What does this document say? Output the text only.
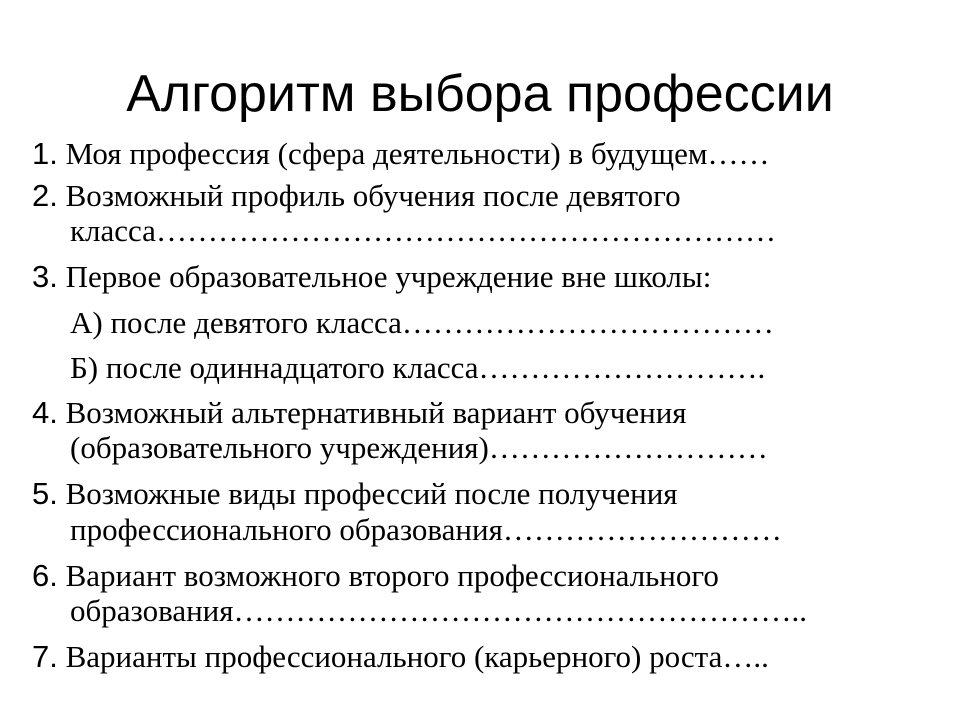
Алгоритм выбора профессии
1. Моя профессия (сфера деятельности) в будущем……
2. Возможный профиль обучения после девятого
класса……………………………………………………
3. Первое образовательное учреждение вне школы:
А) после девятого класса………………………………
Б) после одиннадцатого класса……………………….
4. Возможный альтернативный вариант обучения
(образовательного учреждения)………………………
5. Возможные виды профессий после получения
профессионального образования………………………
6. Вариант возможного второго профессионального
образования………………………………………………..
7. Варианты профессионального (карьерного) роста…..
